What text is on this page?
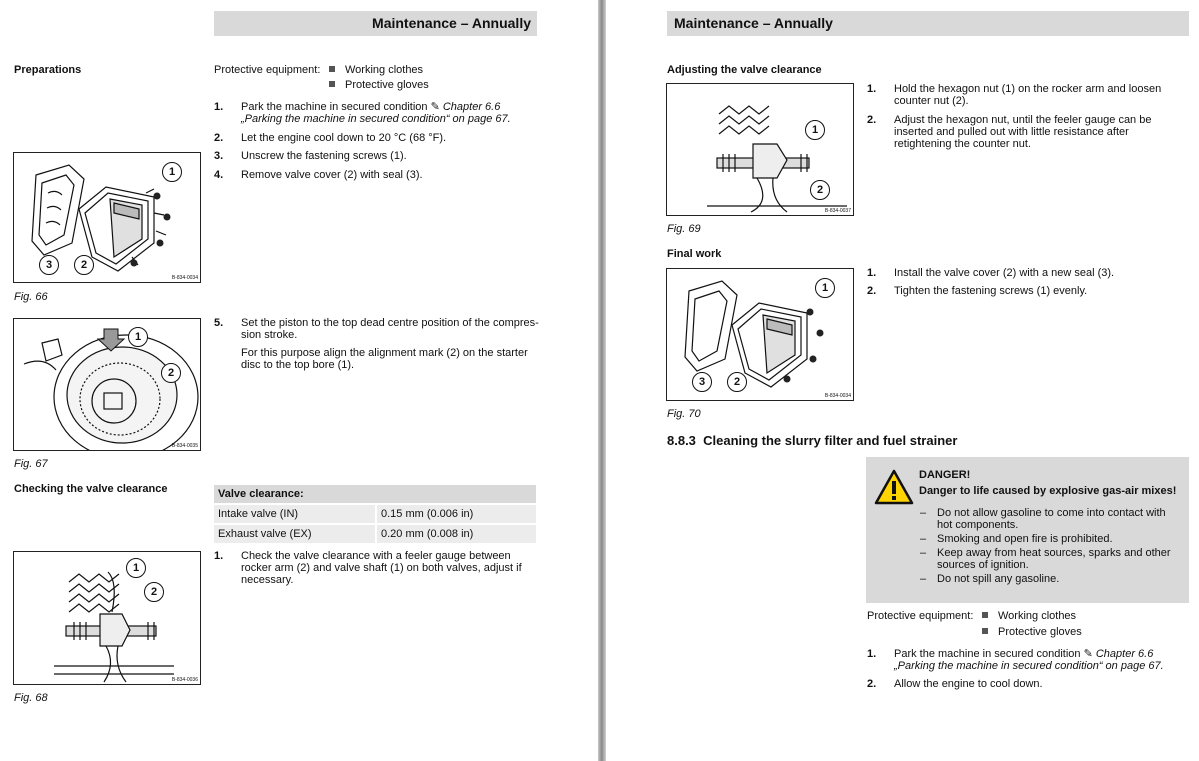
Maintenance – Annually
Preparations	Protective equipment:	Working clothes
Protective gloves
1. Park the machine in secured condition ✎ Chapter 6.6
„Parking the machine in secured condition“ on page 67.
2. Let the engine cool down to 20 °C (68 °F).
3. Unscrew the fastening screws (1).
4. Remove valve cover (2) with seal (3).
1
2
3
B-834-0034
Fig. 66
1
2
B-834-0035
Fig. 67
5. Set the piston to the top dead centre position of the compres-sion stroke.
For this purpose align the alignment mark (2) on the starter disc to the top bore (1).
Checking the valve clearance	Valve clearance:	
Intake valve (IN)	0.15 mm (0.006 in)
Exhaust valve (EX)	0.20 mm (0.008 in)
1. Check the valve clearance with a feeler gauge between rocker arm (2) and valve shaft (1) on both valves, adjust if necessary.
1
2
B-834-0036
Fig. 68
Maintenance – Annually
Adjusting the valve clearance
1
2
B-834-0037
Fig. 69
1. Hold the hexagon nut (1) on the rocker arm and loosen counter nut (2).
2. Adjust the hexagon nut, until the feeler gauge can be inserted and pulled out with little resistance after retightening the counter nut.
Final work
1
2
3
B-834-0034
Fig. 70
1. Install the valve cover (2) with a new seal (3).
2. Tighten the fastening screws (1) evenly.
8.8.3 Cleaning the slurry filter and fuel strainer
DANGER!
Danger to life caused by explosive gas-air mixes!
– Do not allow gasoline to come into contact with hot components.
– Smoking and open fire is prohibited.
– Keep away from heat sources, sparks and other sources of ignition.
– Do not spill any gasoline.
Protective equipment:	Working clothes
Protective gloves
1. Park the machine in secured condition ✎ Chapter 6.6
„Parking the machine in secured condition“ on page 67.
2. Allow the engine to cool down.
